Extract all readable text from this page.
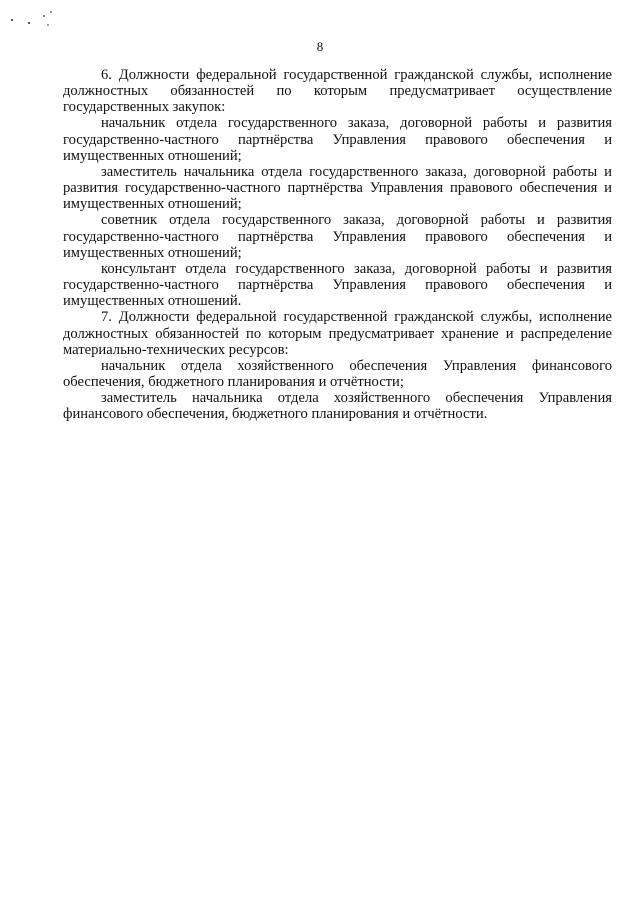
8

6. Должности федеральной государственной гражданской службы, исполнение должностных обязанностей по которым предусматривает осуществление государственных закупок:

начальник отдела государственного заказа, договорной работы и развития государственно-частного партнёрства Управления правового обеспечения и имущественных отношений;

заместитель начальника отдела государственного заказа, договорной работы и развития государственно-частного партнёрства Управления правового обеспечения и имущественных отношений;

советник отдела государственного заказа, договорной работы и развития государственно-частного партнёрства Управления правового обеспечения и имущественных отношений;

консультант отдела государственного заказа, договорной работы и развития государственно-частного партнёрства Управления правового обеспечения и имущественных отношений.

7. Должности федеральной государственной гражданской службы, исполнение должностных обязанностей по которым предусматривает хранение и распределение материально-технических ресурсов:

начальник отдела хозяйственного обеспечения Управления финансового обеспечения, бюджетного планирования и отчётности;

заместитель начальника отдела хозяйственного обеспечения Управления финансового обеспечения, бюджетного планирования и отчётности.
